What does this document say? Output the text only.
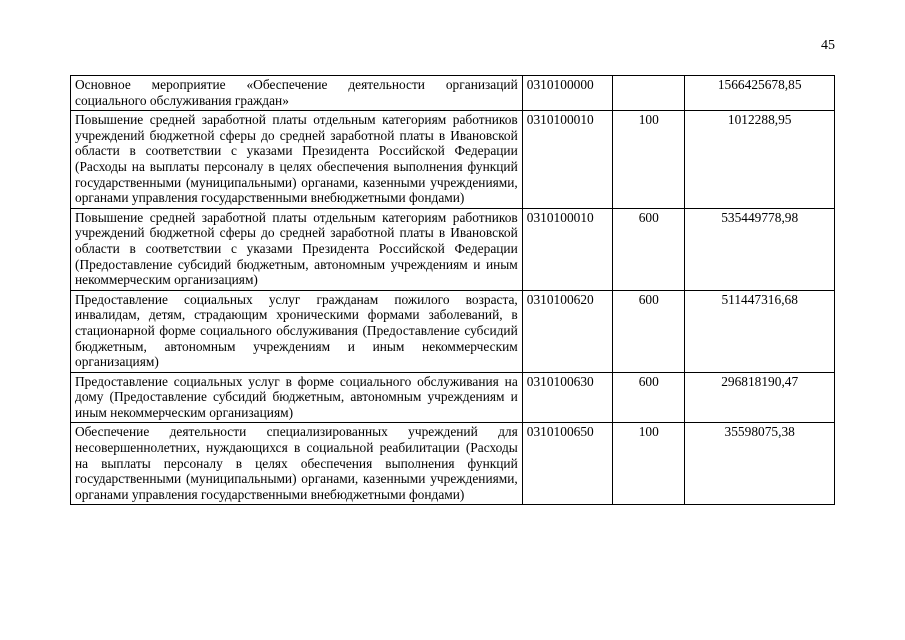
45
Основное мероприятие «Обеспечение деятельности организаций социального обслуживания граждан»	0310100000		1566425678,85
Повышение средней заработной платы отдельным категориям работников учреждений бюджетной сферы до средней заработной платы в Ивановской области в соответствии с указами Президента Российской Федерации (Расходы на выплаты персоналу в целях обеспечения выполнения функций государственными (муниципальными) органами, казенными учреждениями, органами управления государственными внебюджетными фондами)	0310100010	100	1012288,95
Повышение средней заработной платы отдельным категориям работников учреждений бюджетной сферы до средней заработной платы в Ивановской области в соответствии с указами Президента Российской Федерации (Предоставление субсидий бюджетным, автономным учреждениям и иным некоммерческим организациям)	0310100010	600	535449778,98
Предоставление социальных услуг гражданам пожилого возраста, инвалидам, детям, страдающим хроническими формами заболеваний, в стационарной форме социального обслуживания (Предоставление субсидий бюджетным, автономным учреждениям и иным некоммерческим организациям)	0310100620	600	511447316,68
Предоставление социальных услуг в форме социального обслуживания на дому (Предоставление субсидий бюджетным, автономным учреждениям и иным некоммерческим организациям)	0310100630	600	296818190,47
Обеспечение деятельности специализированных учреждений для несовершеннолетних, нуждающихся в социальной реабилитации (Расходы на выплаты персоналу в целях обеспечения выполнения функций государственными (муниципальными) органами, казенными учреждениями, органами управления государственными внебюджетными фондами)	0310100650	100	35598075,38
